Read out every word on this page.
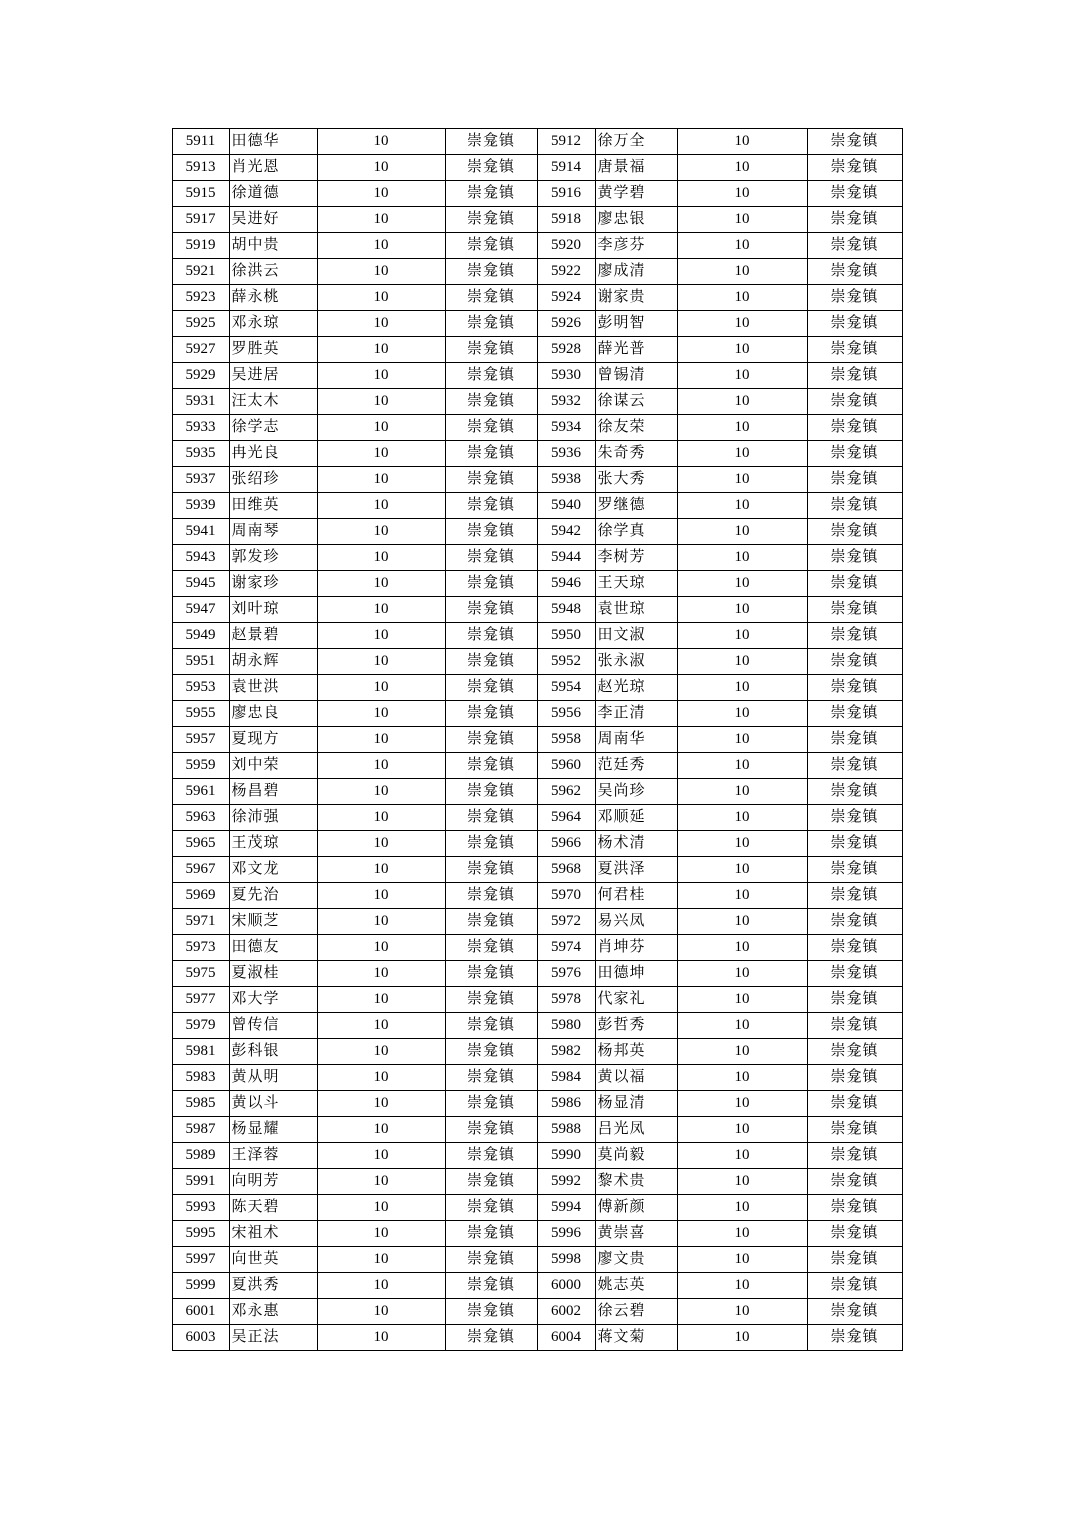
5911	田德华	10	崇龛镇	5912	徐万全	10	崇龛镇
5913	肖光恩	10	崇龛镇	5914	唐景福	10	崇龛镇
5915	徐道德	10	崇龛镇	5916	黄学碧	10	崇龛镇
5917	吴进好	10	崇龛镇	5918	廖忠银	10	崇龛镇
5919	胡中贵	10	崇龛镇	5920	李彦芬	10	崇龛镇
5921	徐洪云	10	崇龛镇	5922	廖成清	10	崇龛镇
5923	薛永桃	10	崇龛镇	5924	谢家贵	10	崇龛镇
5925	邓永琼	10	崇龛镇	5926	彭明智	10	崇龛镇
5927	罗胜英	10	崇龛镇	5928	薛光普	10	崇龛镇
5929	吴进居	10	崇龛镇	5930	曾锡清	10	崇龛镇
5931	汪太木	10	崇龛镇	5932	徐谋云	10	崇龛镇
5933	徐学志	10	崇龛镇	5934	徐友荣	10	崇龛镇
5935	冉光良	10	崇龛镇	5936	朱奇秀	10	崇龛镇
5937	张绍珍	10	崇龛镇	5938	张大秀	10	崇龛镇
5939	田维英	10	崇龛镇	5940	罗继德	10	崇龛镇
5941	周南琴	10	崇龛镇	5942	徐学真	10	崇龛镇
5943	郭发珍	10	崇龛镇	5944	李树芳	10	崇龛镇
5945	谢家珍	10	崇龛镇	5946	王天琼	10	崇龛镇
5947	刘叶琼	10	崇龛镇	5948	袁世琼	10	崇龛镇
5949	赵景碧	10	崇龛镇	5950	田文淑	10	崇龛镇
5951	胡永辉	10	崇龛镇	5952	张永淑	10	崇龛镇
5953	袁世洪	10	崇龛镇	5954	赵光琼	10	崇龛镇
5955	廖忠良	10	崇龛镇	5956	李正清	10	崇龛镇
5957	夏现方	10	崇龛镇	5958	周南华	10	崇龛镇
5959	刘中荣	10	崇龛镇	5960	范廷秀	10	崇龛镇
5961	杨昌碧	10	崇龛镇	5962	吴尚珍	10	崇龛镇
5963	徐沛强	10	崇龛镇	5964	邓顺延	10	崇龛镇
5965	王茂琼	10	崇龛镇	5966	杨术清	10	崇龛镇
5967	邓文龙	10	崇龛镇	5968	夏洪泽	10	崇龛镇
5969	夏先治	10	崇龛镇	5970	何君桂	10	崇龛镇
5971	宋顺芝	10	崇龛镇	5972	易兴凤	10	崇龛镇
5973	田德友	10	崇龛镇	5974	肖坤芬	10	崇龛镇
5975	夏淑桂	10	崇龛镇	5976	田德坤	10	崇龛镇
5977	邓大学	10	崇龛镇	5978	代家礼	10	崇龛镇
5979	曾传信	10	崇龛镇	5980	彭哲秀	10	崇龛镇
5981	彭科银	10	崇龛镇	5982	杨邦英	10	崇龛镇
5983	黄从明	10	崇龛镇	5984	黄以福	10	崇龛镇
5985	黄以斗	10	崇龛镇	5986	杨显清	10	崇龛镇
5987	杨显耀	10	崇龛镇	5988	吕光凤	10	崇龛镇
5989	王泽蓉	10	崇龛镇	5990	莫尚毅	10	崇龛镇
5991	向明芳	10	崇龛镇	5992	黎术贵	10	崇龛镇
5993	陈天碧	10	崇龛镇	5994	傅新颜	10	崇龛镇
5995	宋祖术	10	崇龛镇	5996	黄崇喜	10	崇龛镇
5997	向世英	10	崇龛镇	5998	廖文贵	10	崇龛镇
5999	夏洪秀	10	崇龛镇	6000	姚志英	10	崇龛镇
6001	邓永惠	10	崇龛镇	6002	徐云碧	10	崇龛镇
6003	吴正法	10	崇龛镇	6004	蒋文菊	10	崇龛镇
